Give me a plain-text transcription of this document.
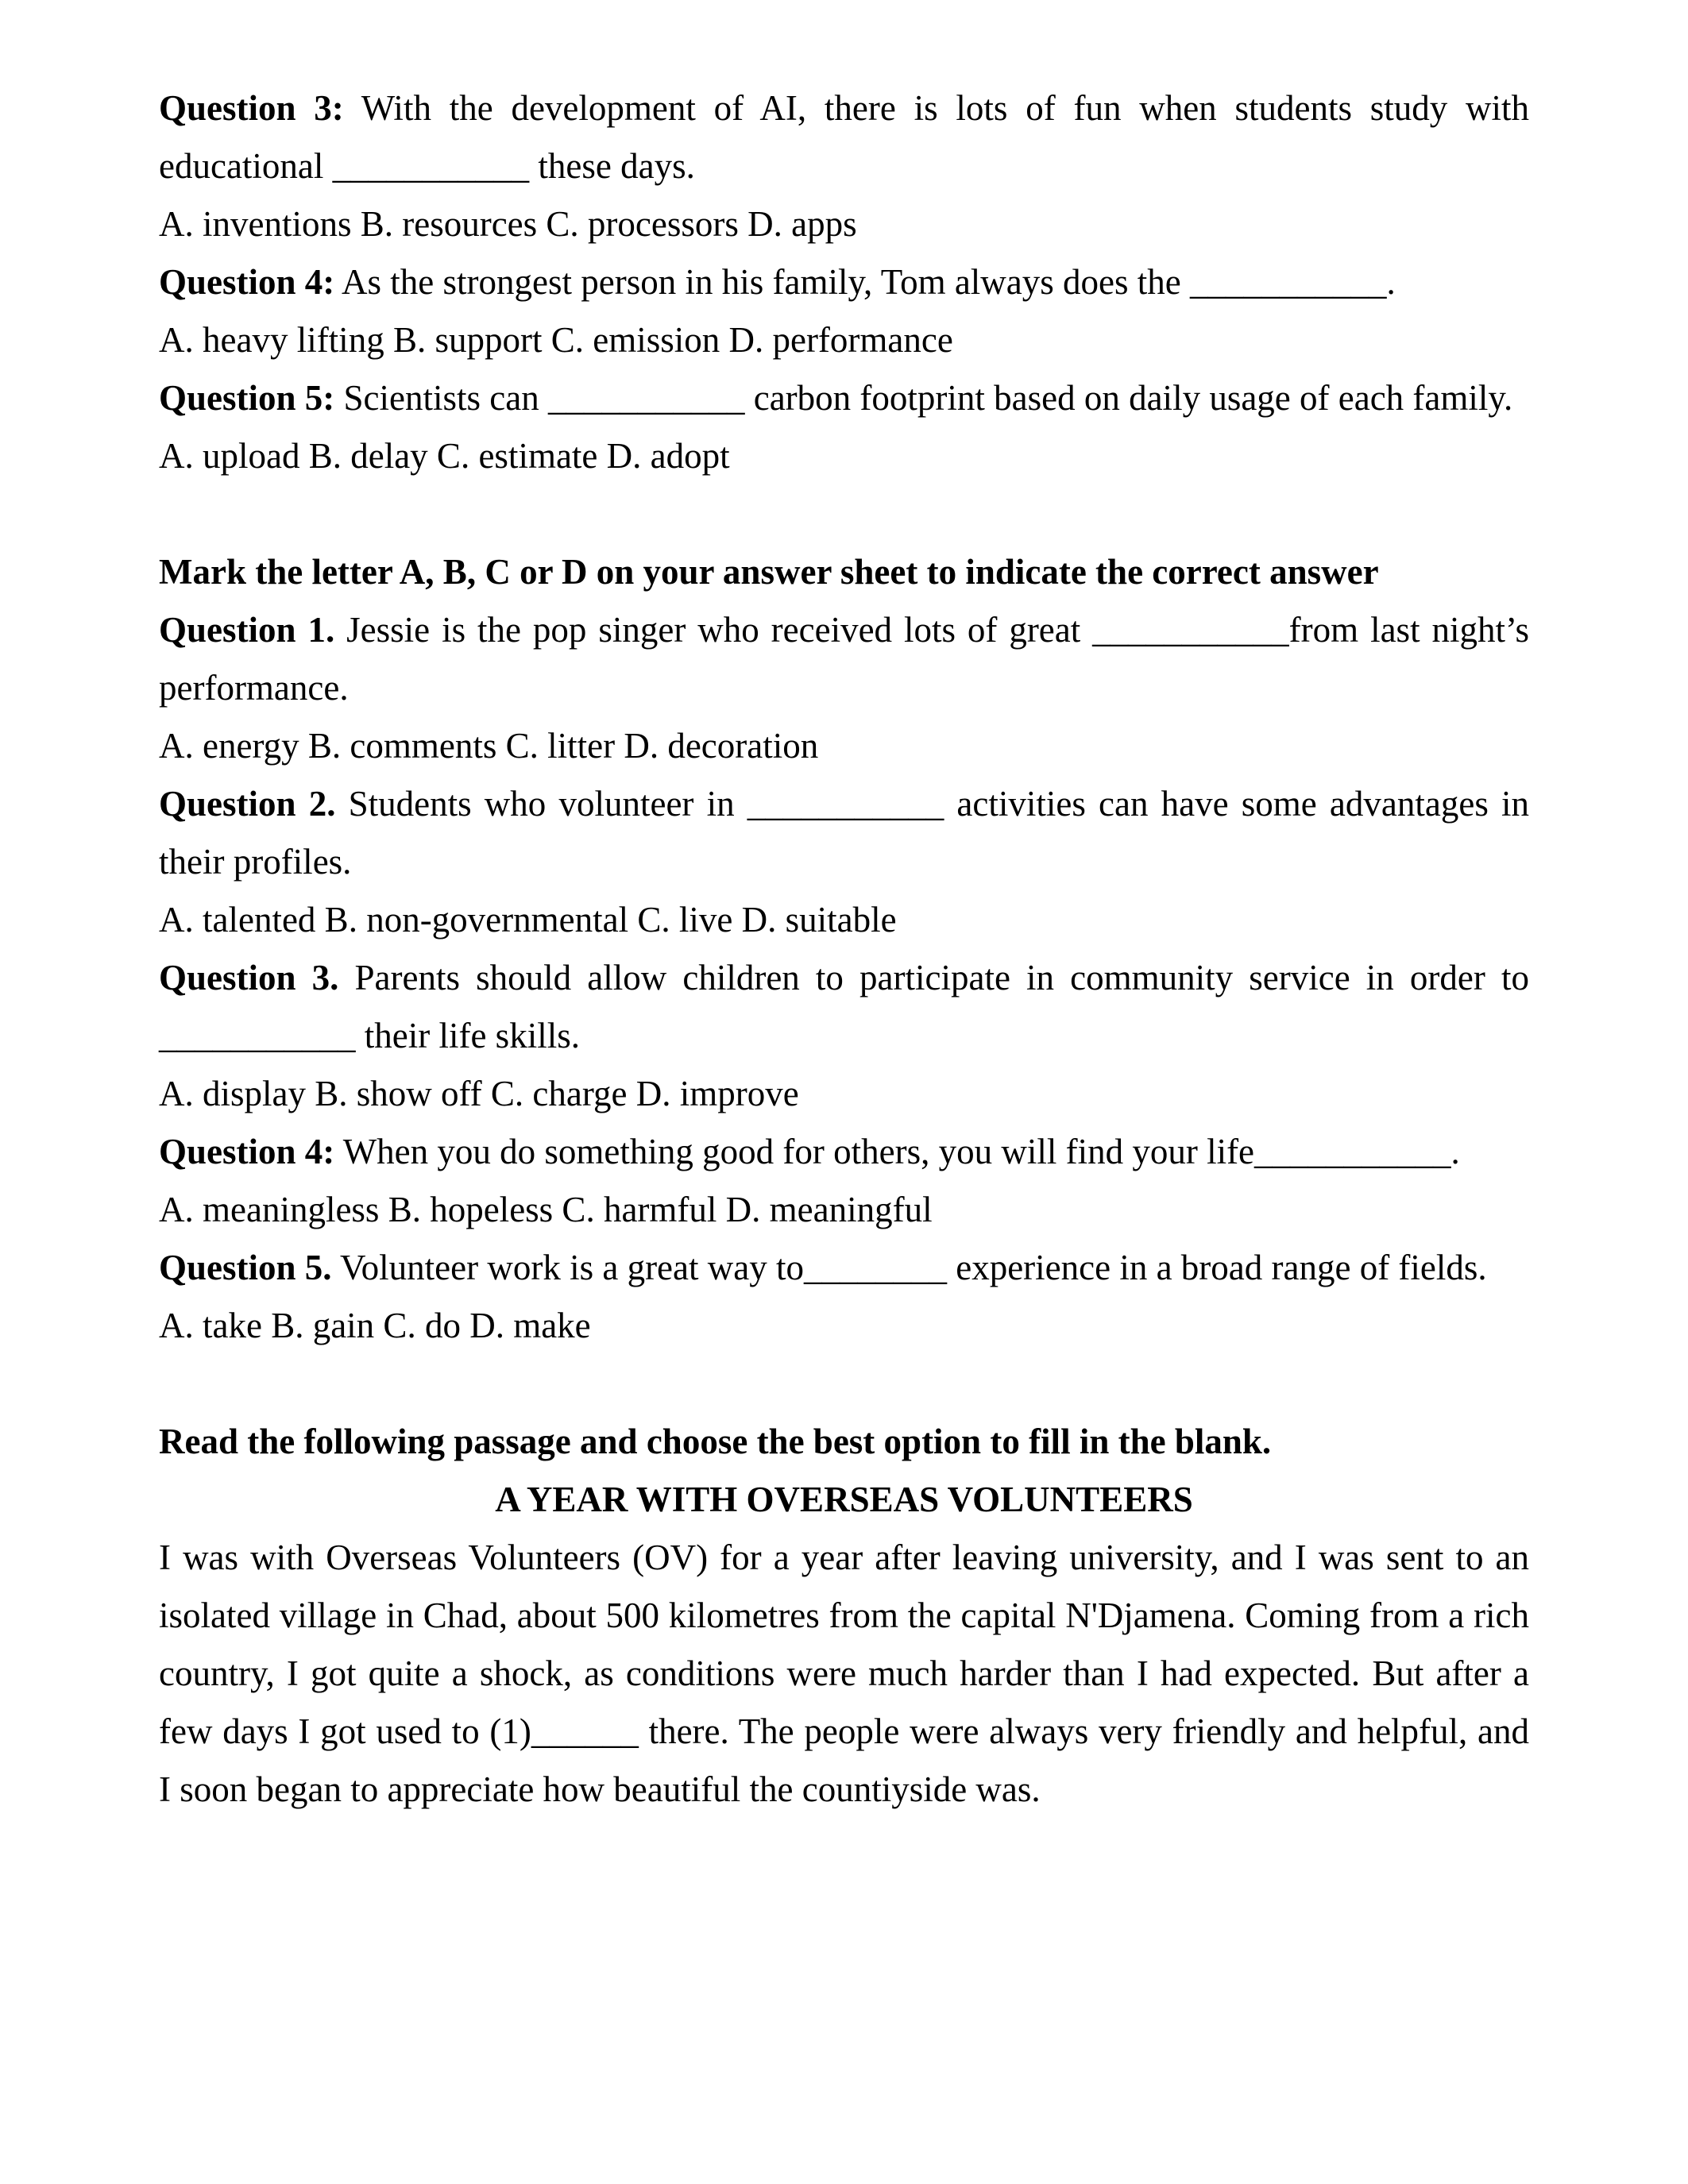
Question 3: With the development of AI, there is lots of fun when students study with educational ___________ these days.

A. inventions B. resources C. processors D. apps

Question 4: As the strongest person in his family, Tom always does the ___________.

A. heavy lifting B. support C. emission D. performance

Question 5: Scientists can ___________ carbon footprint based on daily usage of each family.

A. upload B. delay C. estimate D. adopt

Mark the letter A, B, C or D on your answer sheet to indicate the correct answer

Question 1. Jessie is the pop singer who received lots of great ___________from last night’s performance.

A. energy B. comments C. litter D. decoration

Question 2. Students who volunteer in ___________ activities can have some advantages in their profiles.

A. talented B. non-governmental C. live D. suitable

Question 3. Parents should allow children to participate in community service in order to ___________ their life skills.

A. display B. show off C. charge D. improve

Question 4: When you do something good for others, you will find your life___________.

A. meaningless B. hopeless C. harmful D. meaningful

Question 5. Volunteer work is a great way to________ experience in a broad range of fields.

A. take B. gain C. do D. make

Read the following passage and choose the best option to fill in the blank.

A YEAR WITH OVERSEAS VOLUNTEERS

I was with Overseas Volunteers (OV) for a year after leaving university, and I was sent to an isolated village in Chad, about 500 kilometres from the capital N'Djamena. Coming from a rich country, I got quite a shock, as conditions were much harder than I had expected. But after a few days I got used to (1)______ there. The people were always very friendly and helpful, and I soon began to appreciate how beautiful the countiyside was.
